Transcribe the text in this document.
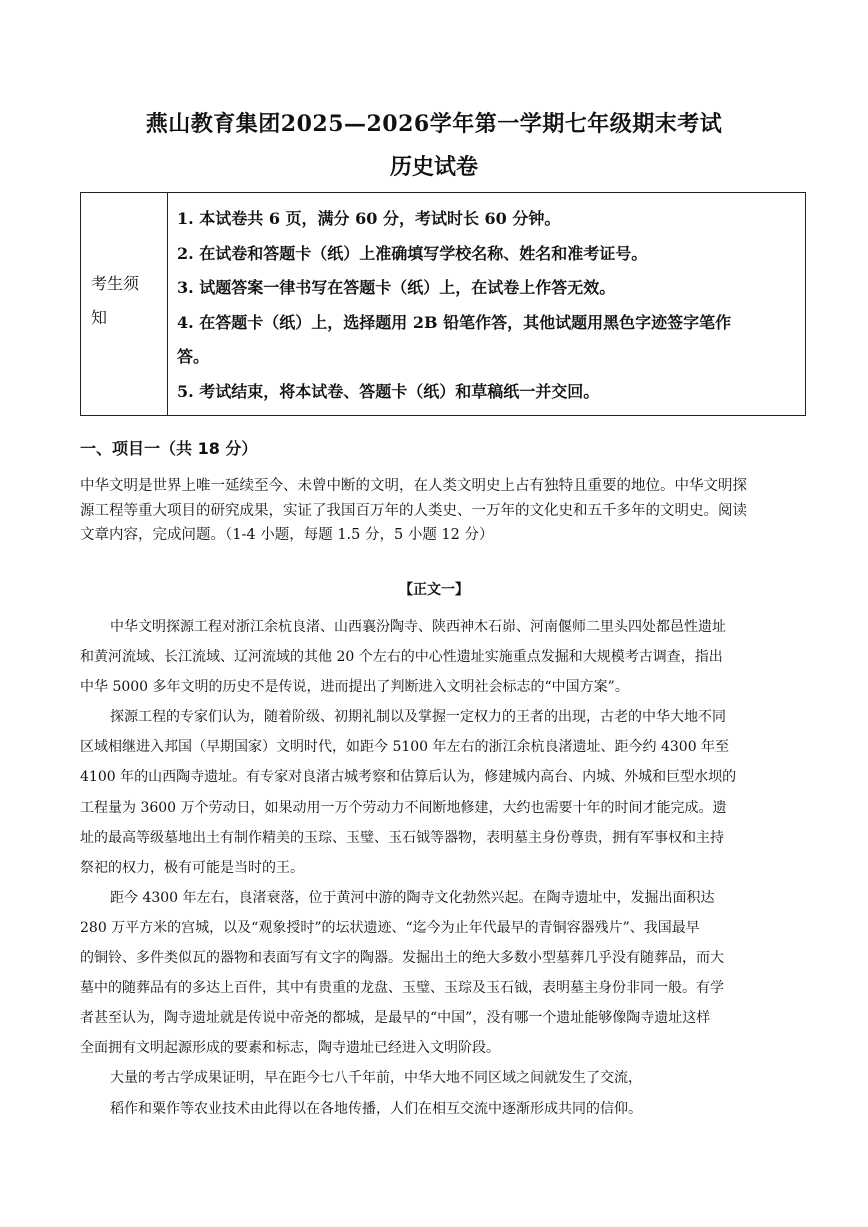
燕山教育集团2025—2026学年第一学期七年级期末考试
历史试卷
考生须
知
1. 本试卷共 6 页，满分 60 分，考试时长 60 分钟。
2. 在试卷和答题卡（纸）上准确填写学校名称、姓名和准考证号。
3. 试题答案一律书写在答题卡（纸）上，在试卷上作答无效。
4. 在答题卡（纸）上，选择题用 2B 铅笔作答，其他试题用黑色字迹签字笔作
答。
5. 考试结束，将本试卷、答题卡（纸）和草稿纸一并交回。
一、项目一（共 18 分）
中华文明是世界上唯一延续至今、未曾中断的文明，在人类文明史上占有独特且重要的地位。中华文明探
源工程等重大项目的研究成果，实证了我国百万年的人类史、一万年的文化史和五千多年的文明史。阅读
文章内容，完成问题。（1-4 小题，每题 1.5 分，5 小题 12 分）
【正文一】
中华文明探源工程对浙江余杭良渚、山西襄汾陶寺、陕西神木石峁、河南偃师二里头四处都邑性遗址
和黄河流域、长江流域、辽河流域的其他 20 个左右的中心性遗址实施重点发掘和大规模考古调查，指出
中华 5000 多年文明的历史不是传说，进而提出了判断进入文明社会标志的“中国方案”。
探源工程的专家们认为，随着阶级、初期礼制以及掌握一定权力的王者的出现，古老的中华大地不同
区域相继进入邦国（早期国家）文明时代，如距今 5100 年左右的浙江余杭良渚遗址、距今约 4300 年至
4100 年的山西陶寺遗址。有专家对良渚古城考察和估算后认为，修建城内高台、内城、外城和巨型水坝的
工程量为 3600 万个劳动日，如果动用一万个劳动力不间断地修建，大约也需要十年的时间才能完成。遗
址的最高等级墓地出土有制作精美的玉琮、玉璧、玉石钺等器物，表明墓主身份尊贵，拥有军事权和主持
祭祀的权力，极有可能是当时的王。
距今 4300 年左右，良渚衰落，位于黄河中游的陶寺文化勃然兴起。在陶寺遗址中，发掘出面积达
280 万平方米的宫城，以及“观象授时”的坛状遗迹、“迄今为止年代最早的青铜容器残片”、我国最早
的铜铃、多件类似瓦的器物和表面写有文字的陶器。发掘出土的绝大多数小型墓葬几乎没有随葬品，而大
墓中的随葬品有的多达上百件，其中有贵重的龙盘、玉璧、玉琮及玉石钺，表明墓主身份非同一般。有学
者甚至认为，陶寺遗址就是传说中帝尧的都城，是最早的“中国”，没有哪一个遗址能够像陶寺遗址这样
全面拥有文明起源形成的要素和标志，陶寺遗址已经进入文明阶段。
大量的考古学成果证明，早在距今七八千年前，中华大地不同区域之间就发生了交流，
稻作和粟作等农业技术由此得以在各地传播，人们在相互交流中逐渐形成共同的信仰。
